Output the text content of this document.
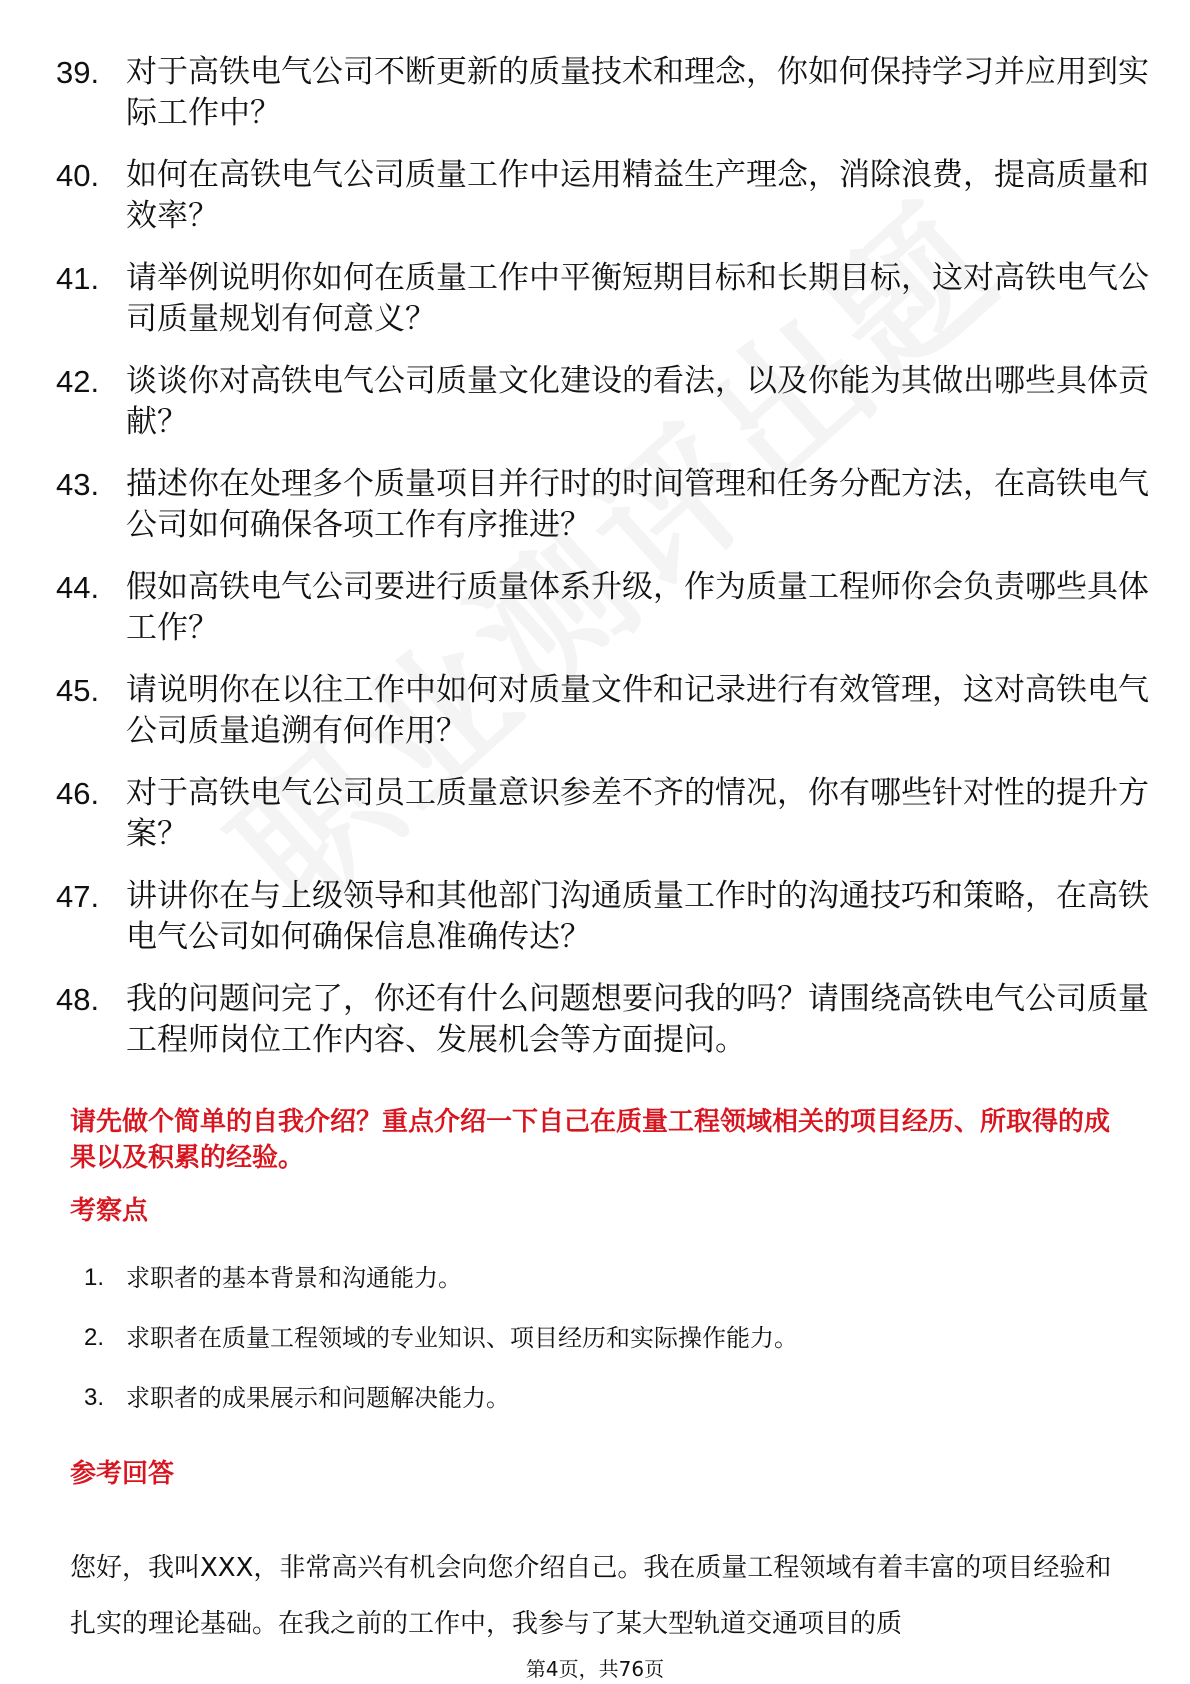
39. 对于高铁电气公司不断更新的质量技术和理念，你如何保持学习并应用到实际工作中？
40. 如何在高铁电气公司质量工作中运用精益生产理念，消除浪费，提高质量和效率？
41. 请举例说明你如何在质量工作中平衡短期目标和长期目标，这对高铁电气公司质量规划有何意义？
42. 谈谈你对高铁电气公司质量文化建设的看法，以及你能为其做出哪些具体贡献？
43. 描述你在处理多个质量项目并行时的时间管理和任务分配方法，在高铁电气公司如何确保各项工作有序推进？
44. 假如高铁电气公司要进行质量体系升级，作为质量工程师你会负责哪些具体工作？
45. 请说明你在以往工作中如何对质量文件和记录进行有效管理，这对高铁电气公司质量追溯有何作用？
46. 对于高铁电气公司员工质量意识参差不齐的情况，你有哪些针对性的提升方案？
47. 讲讲你在与上级领导和其他部门沟通质量工作时的沟通技巧和策略，在高铁电气公司如何确保信息准确传达？
48. 我的问题问完了，你还有什么问题想要问我的吗？请围绕高铁电气公司质量工程师岗位工作内容、发展机会等方面提问。
请先做个简单的自我介绍？重点介绍一下自己在质量工程领域相关的项目经历、所取得的成果以及积累的经验。
考察点
1. 求职者的基本背景和沟通能力。
2. 求职者在质量工程领域的专业知识、项目经历和实际操作能力。
3. 求职者的成果展示和问题解决能力。
参考回答
您好，我叫XXX，非常高兴有机会向您介绍自己。我在质量工程领域有着丰富的项目经验和扎实的理论基础。在我之前的工作中，我参与了某大型轨道交通项目的质
第4页，共76页
